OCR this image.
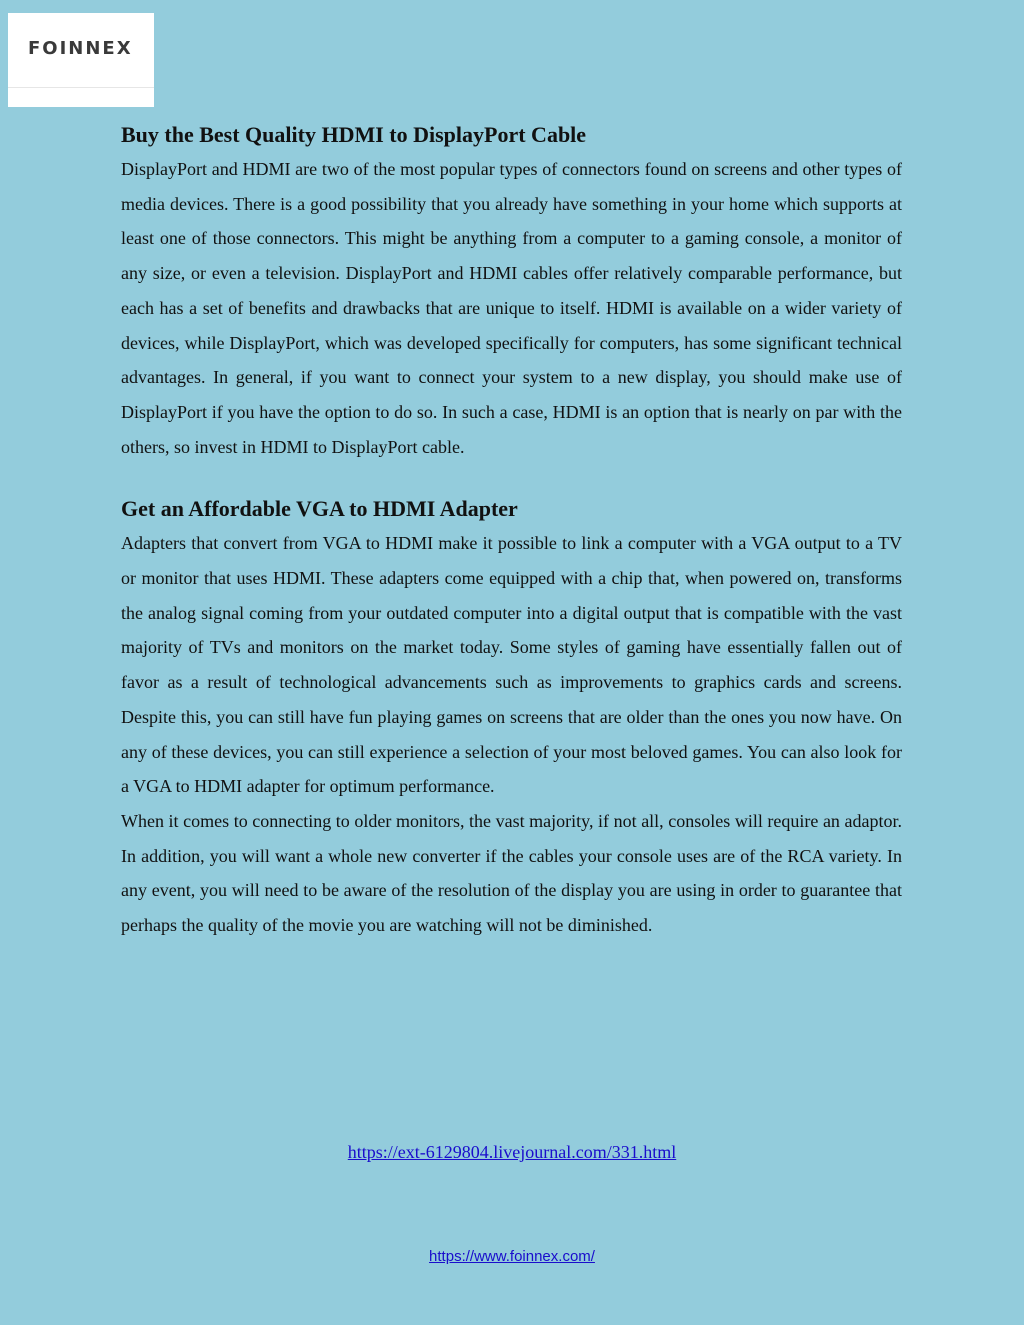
FOINNEX
Buy the Best Quality HDMI to DisplayPort Cable

DisplayPort and HDMI are two of the most popular types of connectors found on screens and other types of media devices. There is a good possibility that you already have something in your home which supports at least one of those connectors. This might be anything from a computer to a gaming console, a monitor of any size, or even a television. DisplayPort and HDMI cables offer relatively comparable performance, but each has a set of benefits and drawbacks that are unique to itself. HDMI is available on a wider variety of devices, while DisplayPort, which was developed specifically for computers, has some significant technical advantages. In general, if you want to connect your system to a new display, you should make use of DisplayPort if you have the option to do so. In such a case, HDMI is an option that is nearly on par with the others, so invest in HDMI to DisplayPort cable.

Get an Affordable VGA to HDMI Adapter

Adapters that convert from VGA to HDMI make it possible to link a computer with a VGA output to a TV or monitor that uses HDMI. These adapters come equipped with a chip that, when powered on, transforms the analog signal coming from your outdated computer into a digital output that is compatible with the vast majority of TVs and monitors on the market today. Some styles of gaming have essentially fallen out of favor as a result of technological advancements such as improvements to graphics cards and screens. Despite this, you can still have fun playing games on screens that are older than the ones you now have. On any of these devices, you can still experience a selection of your most beloved games. You can also look for a VGA to HDMI adapter for optimum performance.

When it comes to connecting to older monitors, the vast majority, if not all, consoles will require an adaptor. In addition, you will want a whole new converter if the cables your console uses are of the RCA variety. In any event, you will need to be aware of the resolution of the display you are using in order to guarantee that perhaps the quality of the movie you are watching will not be diminished.

https://ext-6129804.livejournal.com/331.html
https://www.foinnex.com/
